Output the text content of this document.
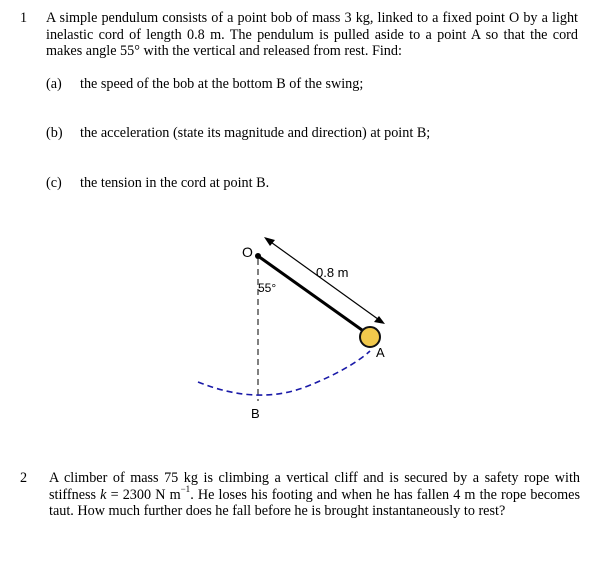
1 A simple pendulum consists of a point bob of mass 3 kg, linked to a fixed point O by a light inelastic cord of length 0.8 m. The pendulum is pulled aside to a point A so that the cord makes angle 55° with the vertical and released from rest. Find:
(a) the speed of the bob at the bottom B of the swing;
(b) the acceleration (state its magnitude and direction) at point B;
(c) the tension in the cord at point B.
O
0.8 m
55°
A
B
2 A climber of mass 75 kg is climbing a vertical cliff and is secured by a safety rope with stiffness k = 2300 N $m^{-1}$. He loses his footing and when he has fallen 4 m the rope becomes taut. How much further does he fall before he is brought instantaneously to rest?
